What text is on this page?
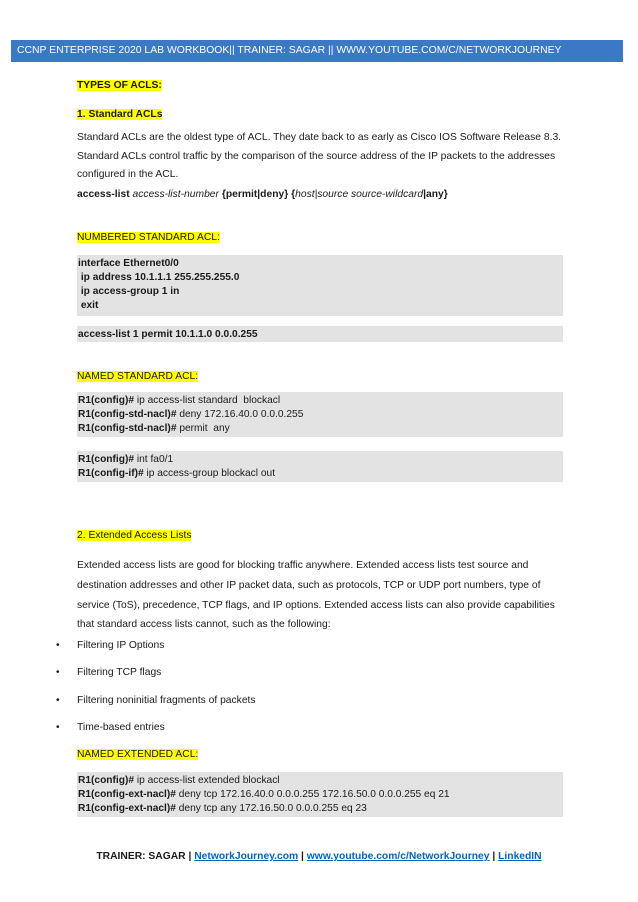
CCNP ENTERPRISE 2020 LAB WORKBOOK|| TRAINER: SAGAR || WWW.YOUTUBE.COM/C/NETWORKJOURNEY
TYPES OF ACLS:
1. Standard ACLs
Standard ACLs are the oldest type of ACL. They date back to as early as Cisco IOS Software Release 8.3. Standard ACLs control traffic by the comparison of the source address of the IP packets to the addresses configured in the ACL.
access-list access-list-number {permit|deny} {host|source source-wildcard|any}
NUMBERED STANDARD ACL:
interface Ethernet0/0
ip address 10.1.1.1 255.255.255.0
ip access-group 1 in
exit
access-list 1 permit 10.1.1.0 0.0.0.255
NAMED STANDARD ACL:
R1(config)# ip access-list standard  blockacl
R1(config-std-nacl)# deny 172.16.40.0 0.0.0.255
R1(config-std-nacl)# permit  any
R1(config)# int fa0/1
R1(config-if)# ip access-group blockacl out
2. Extended Access Lists
Extended access lists are good for blocking traffic anywhere. Extended access lists test source and destination addresses and other IP packet data, such as protocols, TCP or UDP port numbers, type of service (ToS), precedence, TCP flags, and IP options. Extended access lists can also provide capabilities that standard access lists cannot, such as the following:
• Filtering IP Options
• Filtering TCP flags
• Filtering noninitial fragments of packets
• Time-based entries
NAMED EXTENDED ACL:
R1(config)# ip access-list extended blockacl
R1(config-ext-nacl)# deny tcp 172.16.40.0 0.0.0.255 172.16.50.0 0.0.0.255 eq 21
R1(config-ext-nacl)# deny tcp any 172.16.50.0 0.0.0.255 eq 23
TRAINER: SAGAR | NetworkJourney.com | www.youtube.com/c/NetworkJourney | LinkedIN
